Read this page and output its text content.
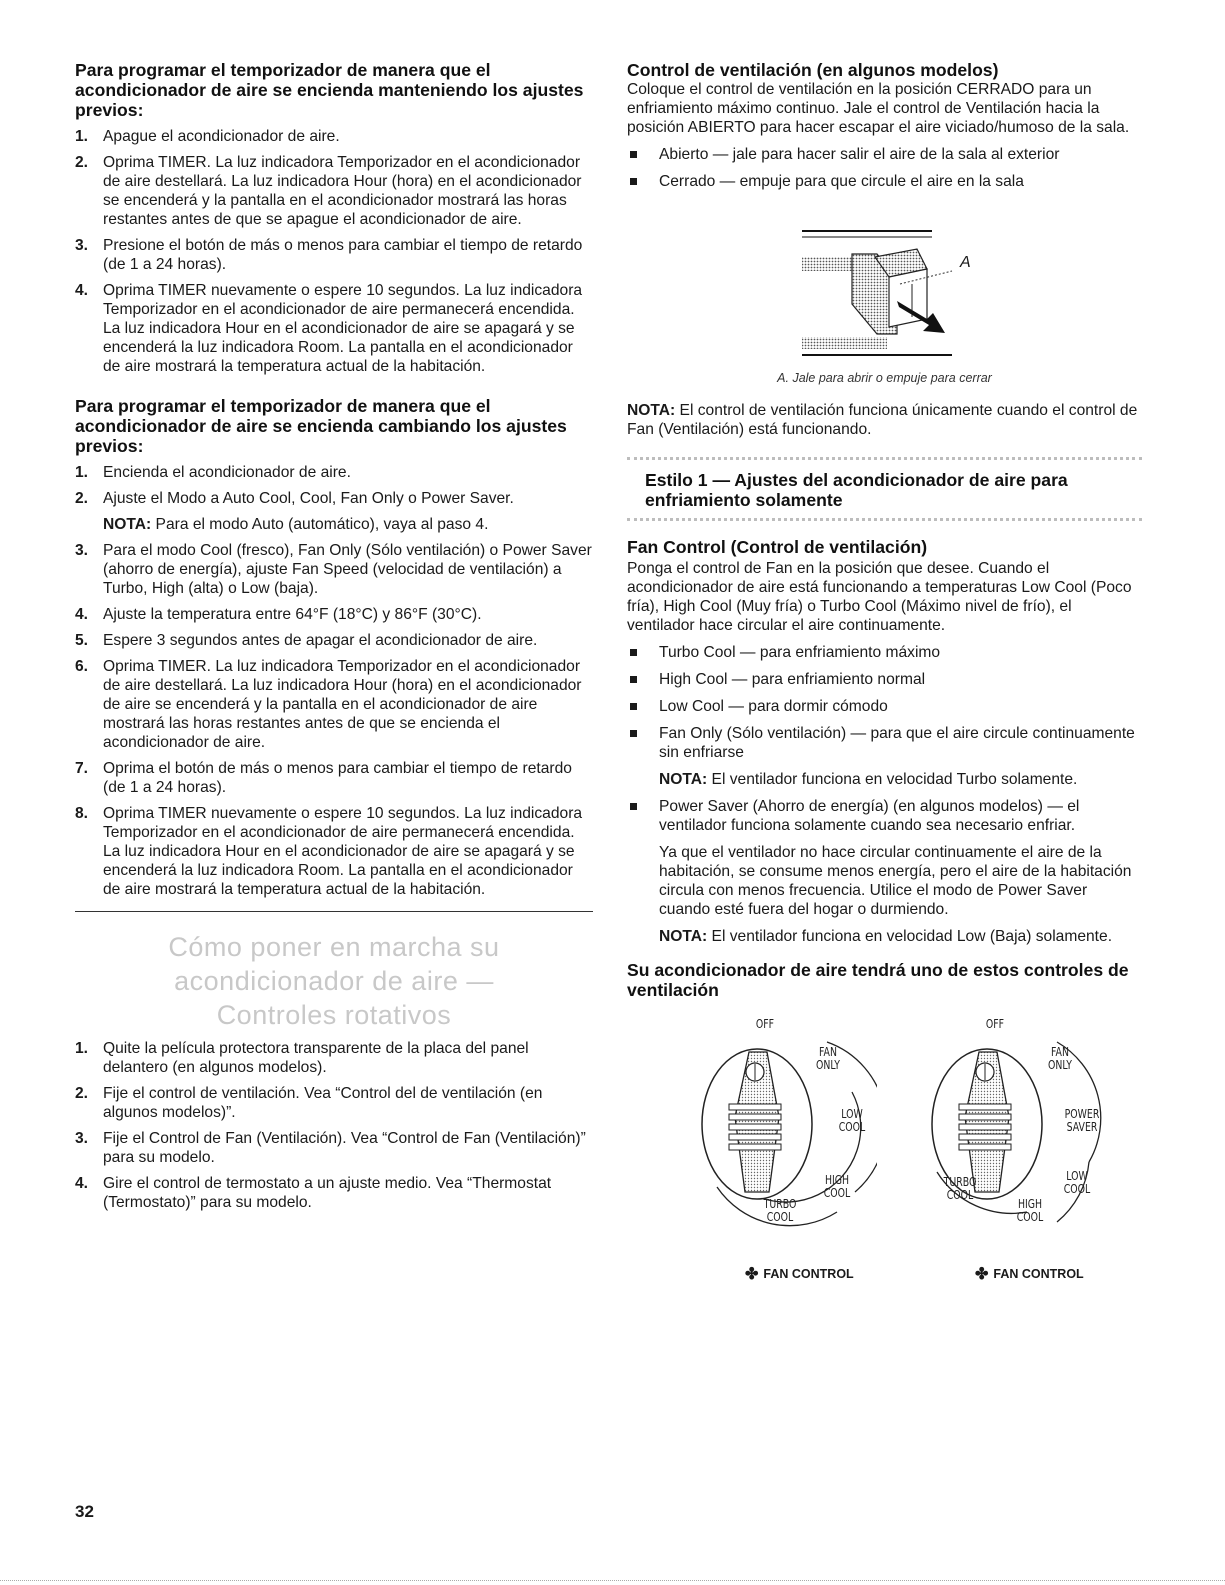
Para programar el temporizador de manera que el acondicionador de aire se encienda manteniendo los ajustes previos:
1. Apague el acondicionador de aire.
2. Oprima TIMER. La luz indicadora Temporizador en el acondicionador de aire destellará. La luz indicadora Hour (hora) en el acondicionador se encenderá y la pantalla en el acondicionador mostrará las horas restantes antes de que se apague el acondicionador de aire.
3. Presione el botón de más o menos para cambiar el tiempo de retardo (de 1 a 24 horas).
4. Oprima TIMER nuevamente o espere 10 segundos. La luz indicadora Temporizador en el acondicionador de aire permanecerá encendida. La luz indicadora Hour en el acondicionador de aire se apagará y se encenderá la luz indicadora Room. La pantalla en el acondicionador de aire mostrará la temperatura actual de la habitación.
Para programar el temporizador de manera que el acondicionador de aire se encienda cambiando los ajustes previos:
1. Encienda el acondicionador de aire.
2. Ajuste el Modo a Auto Cool, Cool, Fan Only o Power Saver.
NOTA: Para el modo Auto (automático), vaya al paso 4.
3. Para el modo Cool (fresco), Fan Only (Sólo ventilación) o Power Saver (ahorro de energía), ajuste Fan Speed (velocidad de ventilación) a Turbo, High (alta) o Low (baja).
4. Ajuste la temperatura entre 64°F (18°C) y 86°F (30°C).
5. Espere 3 segundos antes de apagar el acondicionador de aire.
6. Oprima TIMER. La luz indicadora Temporizador en el acondicionador de aire destellará. La luz indicadora Hour (hora) en el acondicionador de aire se encenderá y la pantalla en el acondicionador de aire mostrará las horas restantes antes de que se encienda el acondicionador de aire.
7. Oprima el botón de más o menos para cambiar el tiempo de retardo (de 1 a 24 horas).
8. Oprima TIMER nuevamente o espere 10 segundos. La luz indicadora Temporizador en el acondicionador de aire permanecerá encendida. La luz indicadora Hour en el acondicionador de aire se apagará y se encenderá la luz indicadora Room. La pantalla en el acondicionador de aire mostrará la temperatura actual de la habitación.
Cómo poner en marcha su
acondicionador de aire —
Controles rotativos
1. Quite la película protectora transparente de la placa del panel delantero (en algunos modelos).
2. Fije el control de ventilación. Vea “Control del de ventilación (en algunos modelos)”.
3. Fije el Control de Fan (Ventilación). Vea “Control de Fan (Ventilación)” para su modelo.
4. Gire el control de termostato a un ajuste medio. Vea “Thermostat (Termostato)” para su modelo.
Control de ventilación (en algunos modelos)
Coloque el control de ventilación en la posición CERRADO para un enfriamiento máximo continuo. Jale el control de Ventilación hacia la posición ABIERTO para hacer escapar el aire viciado/humoso de la sala.
Abierto — jale para hacer salir el aire de la sala al exterior
Cerrado — empuje para que circule el aire en la sala
A
A. Jale para abrir o empuje para cerrar
NOTA: El control de ventilación funciona únicamente cuando el control de Fan (Ventilación) está funcionando.
Estilo 1 — Ajustes del acondicionador de aire para enfriamiento solamente
Fan Control (Control de ventilación)
Ponga el control de Fan en la posición que desee. Cuando el acondicionador de aire está funcionando a temperaturas Low Cool (Poco fría), High Cool (Muy fría) o Turbo Cool (Máximo nivel de frío), el ventilador hace circular el aire continuamente.
Turbo Cool — para enfriamiento máximo
High Cool — para enfriamiento normal
Low Cool — para dormir cómodo
Fan Only (Sólo ventilación) — para que el aire circule continuamente sin enfriarse
NOTA: El ventilador funciona en velocidad Turbo solamente.
Power Saver (Ahorro de energía) (en algunos modelos) — el ventilador funciona solamente cuando sea necesario enfriar.
Ya que el ventilador no hace circular continuamente el aire de la habitación, se consume menos energía, pero el aire de la habitación circula con menos frecuencia. Utilice el modo de Power Saver cuando esté fuera del hogar o durmiendo.
NOTA: El ventilador funciona en velocidad Low (Baja) solamente.
Su acondicionador de aire tendrá uno de estos controles de ventilación
OFF
FAN ONLY
LOW COOL
HIGH COOL
TURBO COOL
✤ FAN CONTROL
OFF
FAN ONLY
POWER SAVER
LOW COOL
HIGH COOL
TURBO COOL
✤ FAN CONTROL
32
